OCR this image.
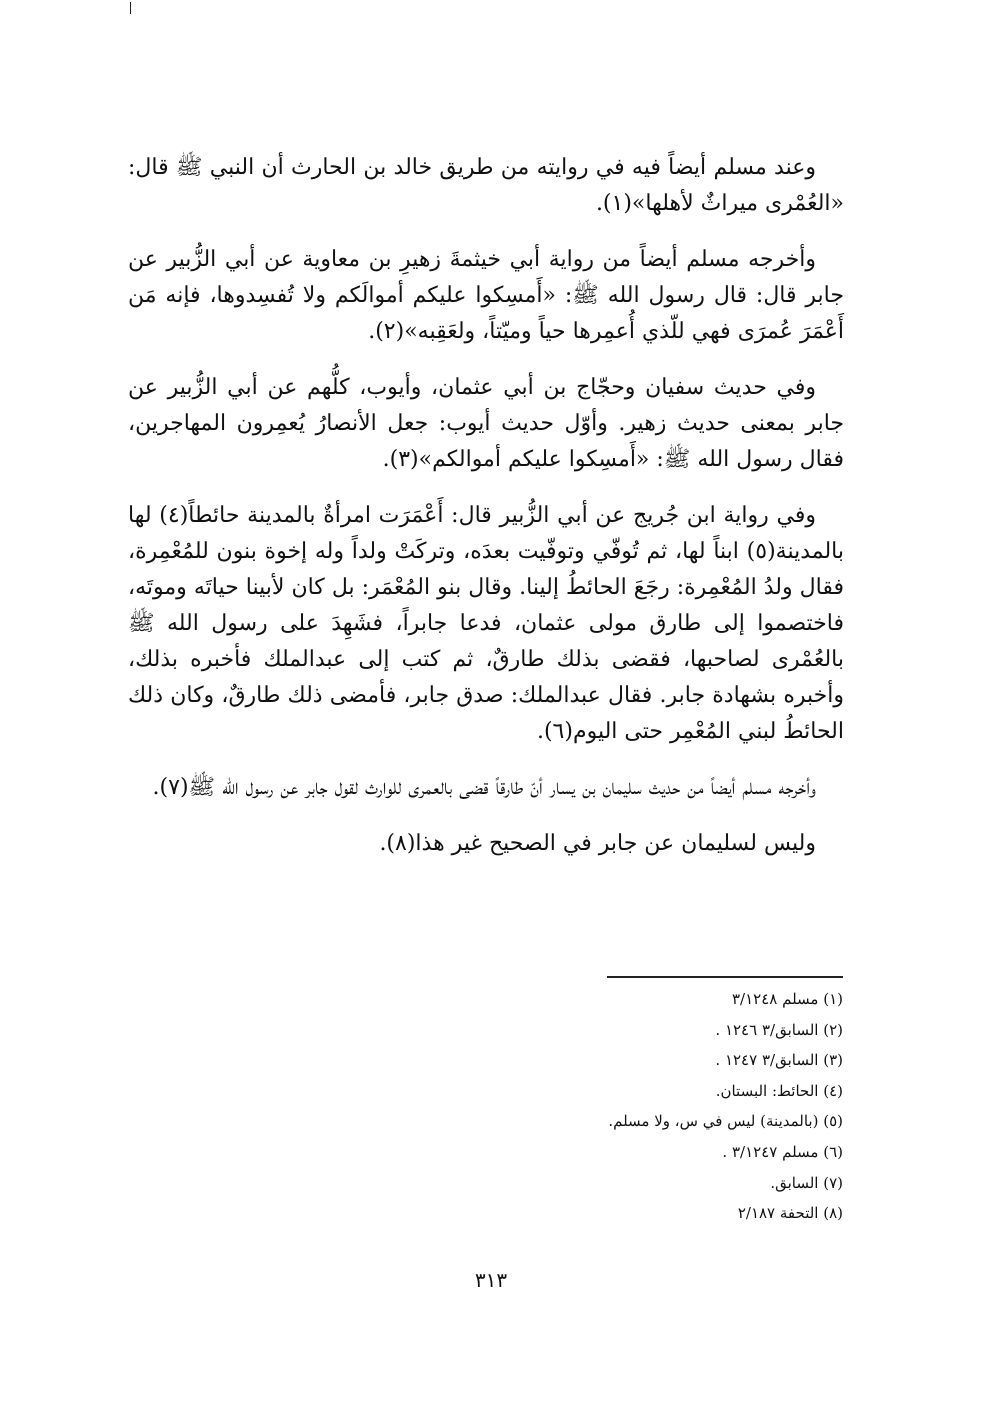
وعند مسلم أيضاً فيه في روايته من طريق خالد بن الحارث أن النبي ﷺ قال: «العُمْرى ميراثٌ لأهلها»(١).

وأخرجه مسلم أيضاً من رواية أبي خيثمةَ زهيرِ بن معاوية عن أبي الزُّبير عن جابر قال: قال رسول الله ﷺ: «أَمسِكوا عليكم أموالَكم ولا تُفسِدوها، فإنه مَن أَعْمَرَ عُمرَى فهي للّذي أُعمِرها حياً وميّتاً، ولعَقِبه»(٢).

وفي حديث سفيان وحجّاج بن أبي عثمان، وأيوب، كلُّهم عن أبي الزُّبير عن جابر بمعنى حديث زهير. وأوّل حديث أيوب: جعل الأنصارُ يُعمِرون المهاجرين، فقال رسول الله ﷺ: «أَمسِكوا عليكم أموالكم»(٣).

وفي رواية ابن جُريج عن أبي الزُّبير قال: أَعْمَرَت امرأةٌ بالمدينة حائطاً(٤) لها بالمدينة(٥) ابناً لها، ثم تُوفّي وتوفّيت بعدَه، وتركَتْ ولداً وله إخوة بنون للمُعْمِرة، فقال ولدُ المُعْمِرة: رجَعَ الحائطُ إلينا. وقال بنو المُعْمَر: بل كان لأبينا حياتَه وموتَه، فاختصموا إلى طارق مولى عثمان، فدعا جابراً، فشَهِدَ على رسول الله ﷺ بالعُمْرى لصاحبها، فقضى بذلك طارقٌ، ثم كتب إلى عبدالملك فأخبره بذلك، وأخبره بشهادة جابر. فقال عبدالملك: صدق جابر، فأمضى ذلك طارقٌ، وكان ذلك الحائطُ لبني المُعْمِر حتى اليوم(٦).

وأخرجه مسلم أيضاً من حديث سليمان بن يسار أنّ طارقاً قضى بالعمرى للوارث لقول جابر عن رسول الله ﷺ(٧).

وليس لسليمان عن جابر في الصحيح غير هذا(٨).

(١) مسلم ٣/١٢٤٨
(٢) السابق/٣ ١٢٤٦ .
(٣) السابق/٣ ١٢٤٧ .
(٤) الحائط: البستان.
(٥) (بالمدينة) ليس في س، ولا مسلم.
(٦) مسلم ٣/١٢٤٧ .
(٧) السابق.
(٨) التحفة ٢/١٨٧
٣١٣
